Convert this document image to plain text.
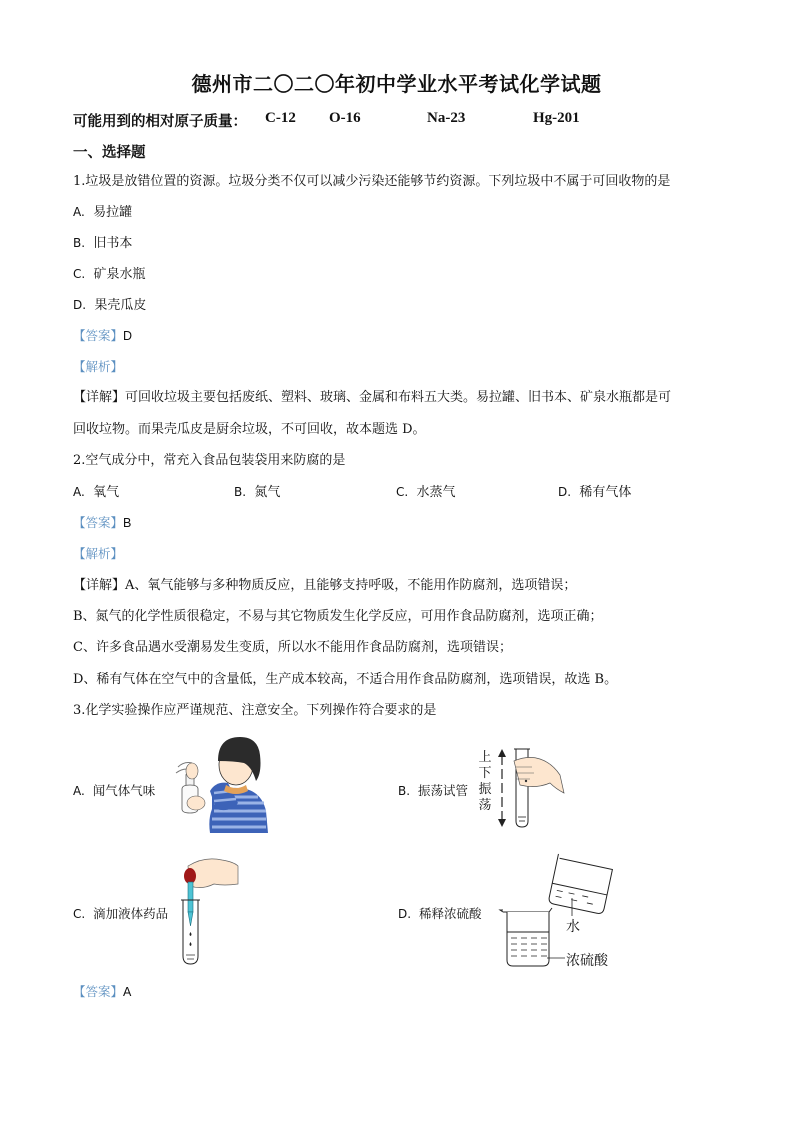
德州市二〇二〇年初中学业水平考试化学试题
可能用到的相对原子质量： C-12 O-16	Na-23	Hg-201
一、选择题
1.垃圾是放错位置的资源。垃圾分类不仅可以减少污染还能够节约资源。下列垃圾中不属于可回收物的是
A. 易拉罐
B. 旧书本
C. 矿泉水瓶
D. 果壳瓜皮
【答案】D
【解析】
【详解】可回收垃圾主要包括废纸、塑料、玻璃、金属和布料五大类。易拉罐、旧书本、矿泉水瓶都是可
回收垃物。而果壳瓜皮是厨余垃圾，不可回收，故本题选 D。
2.空气成分中，常充入食品包装袋用来防腐的是
A. 氧气	B. 氮气	C. 水蒸气	D. 稀有气体
【答案】B
【解析】
【详解】A、氧气能够与多种物质反应，且能够支持呼吸，不能用作防腐剂，选项错误；
B、氮气的化学性质很稳定，不易与其它物质发生化学反应，可用作食品防腐剂，选项正确；
C、许多食品遇水受潮易发生变质，所以水不能用作食品防腐剂，选项错误；
D、稀有气体在空气中的含量低，生产成本较高，不适合用作食品防腐剂，选项错误，故选 B。
3.化学实验操作应严谨规范、注意安全。下列操作符合要求的是
A. 闻气体气味	B. 振荡试管
上
下
振
荡
C. 滴加液体药品	D. 稀释浓硫酸
水
浓硫酸
【答案】A
